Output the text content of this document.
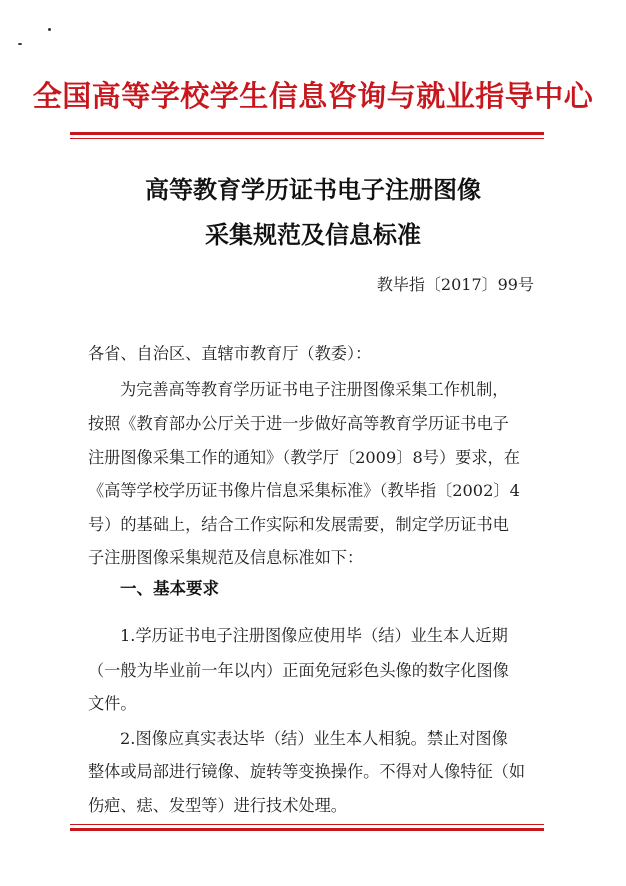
全国高等学校学生信息咨询与就业指导中心
高等教育学历证书电子注册图像
采集规范及信息标准
教毕指〔2017〕99号
各省、自治区、直辖市教育厅（教委）：
为完善高等教育学历证书电子注册图像采集工作机制，
按照《教育部办公厅关于进一步做好高等教育学历证书电子
注册图像采集工作的通知》（教学厅〔2009〕8号）要求，在
《高等学校学历证书像片信息采集标准》（教毕指〔2002〕4
号）的基础上，结合工作实际和发展需要，制定学历证书电
子注册图像采集规范及信息标准如下：
一、基本要求
1.学历证书电子注册图像应使用毕（结）业生本人近期
（一般为毕业前一年以内）正面免冠彩色头像的数字化图像
文件。
2.图像应真实表达毕（结）业生本人相貌。禁止对图像
整体或局部进行镜像、旋转等变换操作。不得对人像特征（如
伤疤、痣、发型等）进行技术处理。
